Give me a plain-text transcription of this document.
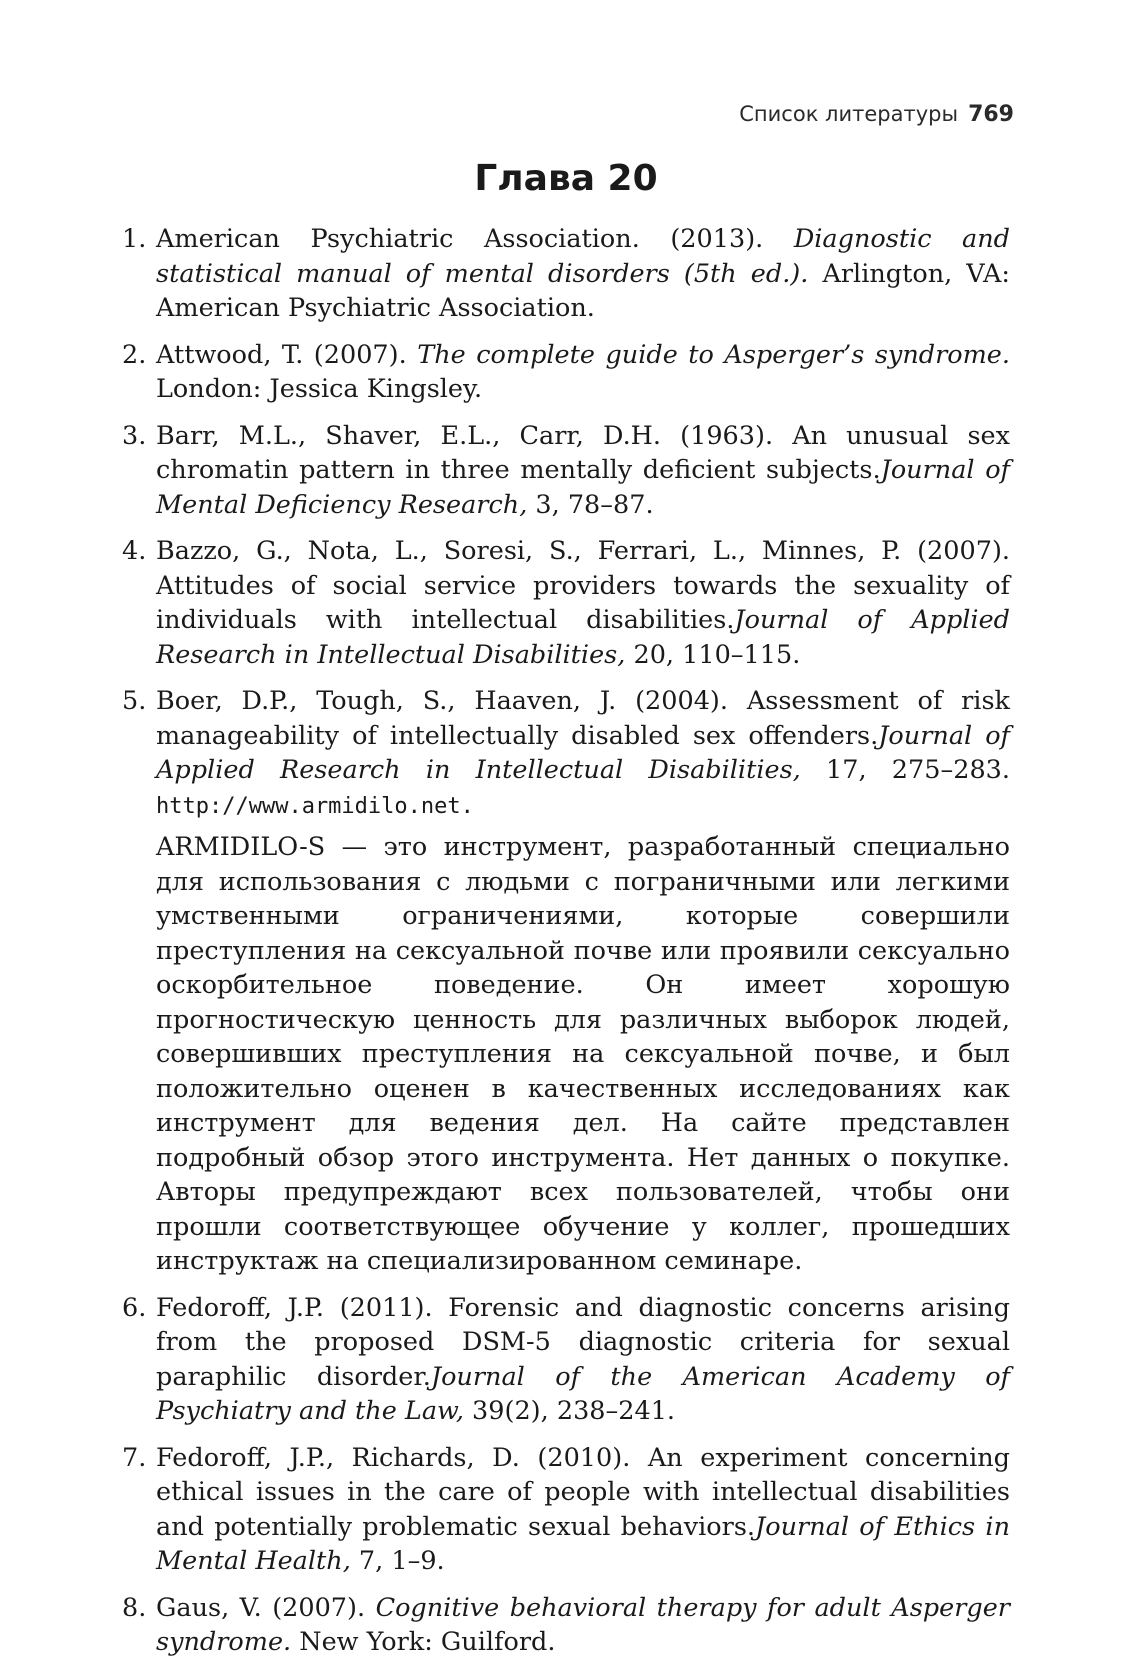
Список литературы 769
Глава 20
1. American Psychiatric Association. (2013). Diagnostic and statistical manual of mental disorders (5th ed.). Arlington, VA: American Psychiatric Association.
2. Attwood, T. (2007). The complete guide to Asperger’s syndrome. London: Jessica Kingsley.
3. Barr, M.L., Shaver, E.L., Carr, D.H. (1963). An unusual sex chromatin pattern in three mentally deficient subjects.Journal of Mental Deficiency Research, 3, 78–87.
4. Bazzo, G., Nota, L., Soresi, S., Ferrari, L., Minnes, P. (2007). Attitudes of social service providers towards the sexuality of individuals with intellectual disabilities.Journal of Applied Research in Intellectual Disabilities, 20, 110–115.
5. Boer, D.P., Tough, S., Haaven, J. (2004). Assessment of risk manageability of intellectually disabled sex offenders.Journal of Applied Research in Intellectual Disabilities, 17, 275–283. http://www.armidilo.net.
ARMIDILO-S — это инструмент, разработанный специально для использования с людьми с пограничными или легкими умственными ограничениями, которые совершили преступления на сексуальной почве или проявили сексуально оскорбительное поведение. Он имеет хорошую прогностическую ценность для различных выборок людей, совершивших преступления на сексуальной почве, и был положительно оценен в качественных исследованиях как инструмент для ведения дел. На сайте представлен подробный обзор этого инструмента. Нет данных о покупке. Авторы предупреждают всех пользователей, чтобы они прошли соответствующее обучение у коллег, прошедших инструктаж на специализированном семинаре.
6. Fedoroff, J.P. (2011). Forensic and diagnostic concerns arising from the proposed DSM-5 diagnostic criteria for sexual paraphilic disorder.Journal of the American Academy of Psychiatry and the Law, 39(2), 238–241.
7. Fedoroff, J.P., Richards, D. (2010). An experiment concerning ethical issues in the care of people with intellectual disabilities and potentially problematic sexual behaviors.Journal of Ethics in Mental Health, 7, 1–9.
8. Gaus, V. (2007). Cognitive behavioral therapy for adult Asperger syndrome. New York: Guilford.
